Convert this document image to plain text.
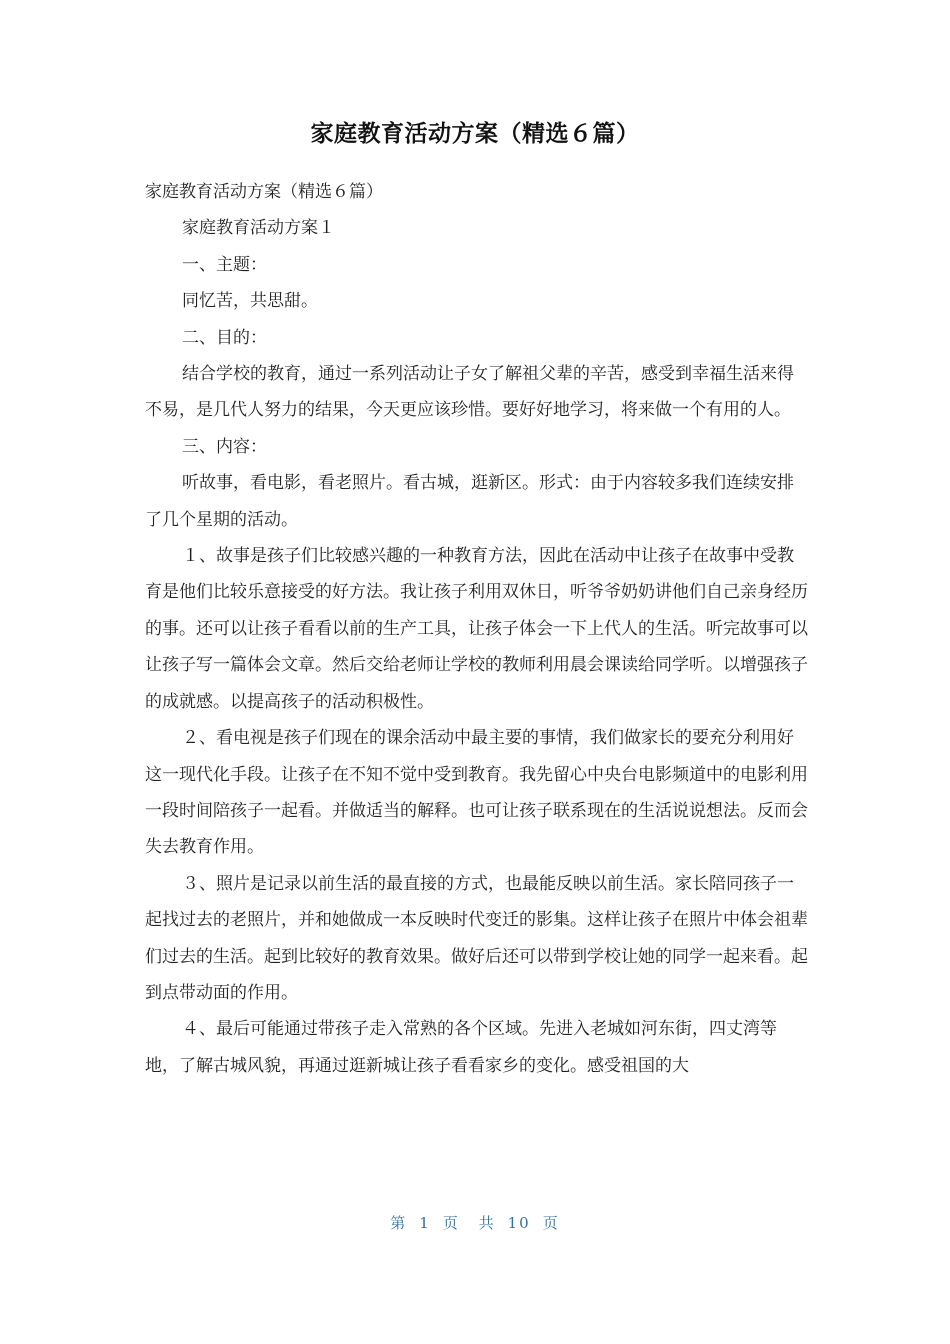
家庭教育活动方案（精选６篇）

家庭教育活动方案（精选６篇）

家庭教育活动方案１

一、主题：

同忆苦，共思甜。

二、目的：

结合学校的教育，通过一系列活动让子女了解祖父辈的辛苦，感受到幸福生活来得不易，是几代人努力的结果，今天更应该珍惜。要好好地学习，将来做一个有用的人。

三、内容：

听故事，看电影，看老照片。看古城，逛新区。形式：由于内容较多我们连续安排了几个星期的活动。

１、故事是孩子们比较感兴趣的一种教育方法，因此在活动中让孩子在故事中受教育是他们比较乐意接受的好方法。我让孩子利用双休日，听爷爷奶奶讲他们自己亲身经历的事。还可以让孩子看看以前的生产工具，让孩子体会一下上代人的生活。听完故事可以让孩子写一篇体会文章。然后交给老师让学校的教师利用晨会课读给同学听。以增强孩子的成就感。以提高孩子的活动积极性。

２、看电视是孩子们现在的课余活动中最主要的事情，我们做家长的要充分利用好这一现代化手段。让孩子在不知不觉中受到教育。我先留心中央台电影频道中的电影利用一段时间陪孩子一起看。并做适当的解释。也可让孩子联系现在的生活说说想法。反而会失去教育作用。

３、照片是记录以前生活的最直接的方式，也最能反映以前生活。家长陪同孩子一起找过去的老照片，并和她做成一本反映时代变迁的影集。这样让孩子在照片中体会祖辈们过去的生活。起到比较好的教育效果。做好后还可以带到学校让她的同学一起来看。起到点带动面的作用。

４、最后可能通过带孩子走入常熟的各个区域。先进入老城如河东街，四丈湾等地，了解古城风貌，再通过逛新城让孩子看看家乡的变化。感受祖国的大

第 1 页 共 10 页
